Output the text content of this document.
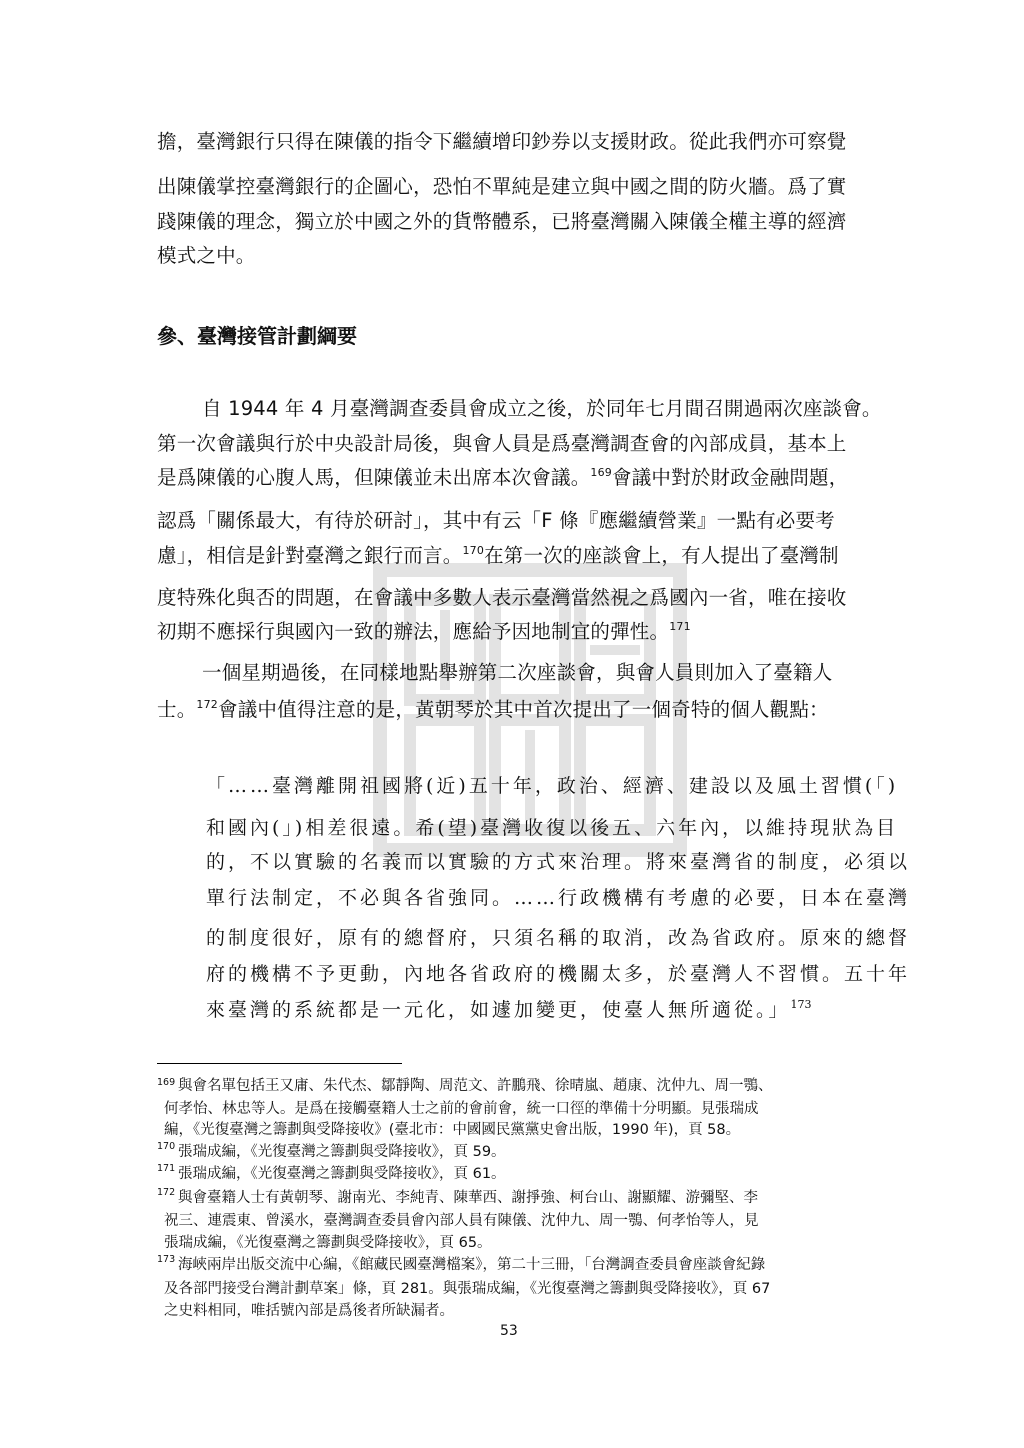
擔，臺灣銀行只得在陳儀的指令下繼續增印鈔券以支援財政。從此我們亦可察覺
出陳儀掌控臺灣銀行的企圖心，恐怕不單純是建立與中國之間的防火牆。爲了實
踐陳儀的理念，獨立於中國之外的貨幣體系，已將臺灣關入陳儀全權主導的經濟
模式之中。
參、臺灣接管計劃綱要
自 1944 年 4 月臺灣調查委員會成立之後，於同年七月間召開過兩次座談會。
第一次會議與行於中央設計局後，與會人員是爲臺灣調查會的內部成員，基本上
是爲陳儀的心腹人馬，但陳儀並未出席本次會議。$^{169}$會議中對於財政金融問題，
認爲「關係最大，有待於研討」，其中有云「F 條『應繼續營業』一點有必要考
慮」，相信是針對臺灣之銀行而言。$^{170}$在第一次的座談會上，有人提出了臺灣制
度特殊化與否的問題，在會議中多數人表示臺灣當然視之爲國內一省，唯在接收
初期不應採行與國內一致的辦法，應給予因地制宜的彈性。$^{171}$
一個星期過後，在同樣地點舉辦第二次座談會，與會人員則加入了臺籍人
士。$^{172}$會議中值得注意的是，黃朝琴於其中首次提出了一個奇特的個人觀點：
「……臺灣離開祖國將(近)五十年，政治、經濟、建設以及風土習慣(「)
和國內(」)相差很遠。希(望)臺灣收復以後五、六年內，以維持現狀為目
的，不以實驗的名義而以實驗的方式來治理。將來臺灣省的制度，必須以
單行法制定，不必與各省強同。……行政機構有考慮的必要，日本在臺灣
的制度很好，原有的總督府，只須名稱的取消，改為省政府。原來的總督
府的機構不予更動，內地各省政府的機關太多，於臺灣人不習慣。五十年
來臺灣的系統都是一元化，如遽加變更，使臺人無所適從。」$^{173}$
169 與會名單包括王又庸、朱代杰、鄒靜陶、周范文、許鵬飛、徐晴嵐、趙康、沈仲九、周一鶚、
何孝怡、林忠等人。是爲在接觸臺籍人士之前的會前會，統一口徑的準備十分明顯。見張瑞成
編，《光復臺灣之籌劃與受降接收》(臺北市：中國國民黨黨史會出版，1990 年)，頁 58。
170 張瑞成編，《光復臺灣之籌劃與受降接收》，頁 59。
171 張瑞成編，《光復臺灣之籌劃與受降接收》，頁 61。
172 與會臺籍人士有黃朝琴、謝南光、李純青、陳華西、謝掙強、柯台山、謝顯耀、游彌堅、李
祝三、連震東、曾溪水，臺灣調查委員會內部人員有陳儀、沈仲九、周一鶚、何孝怡等人，見
張瑞成編，《光復臺灣之籌劃與受降接收》，頁 65。
173 海峽兩岸出版交流中心編，《館藏民國臺灣檔案》，第二十三冊，「台灣調查委員會座談會紀錄
及各部門接受台灣計劃草案」條，頁 281。與張瑞成編，《光復臺灣之籌劃與受降接收》，頁 67
之史料相同，唯括號內部是爲後者所缺漏者。
53
